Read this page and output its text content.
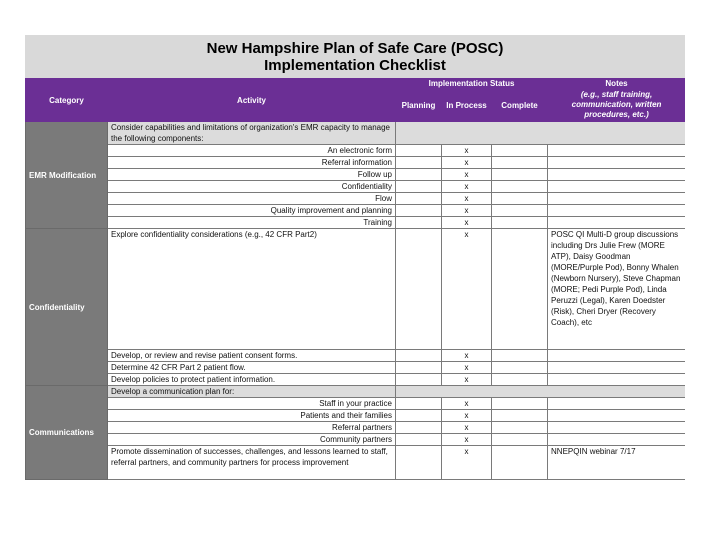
New Hampshire Plan of Safe Care (POSC)
Implementation Checklist
Category	Activity	Implementation Status			Notes
		Planning	In Process	Complete	(e.g., staff training, communication, written procedures, etc.)
EMR Modification	Consider capabilities and limitations of organization's EMR capacity to manage the following components:				
	An electronic form		x		
	Referral information		x		
	Follow up		x		
	Confidentiality		x		
	Flow		x		
	Quality improvement and planning		x		
	Training		x		
Confidentiality	Explore confidentiality considerations (e.g., 42 CFR Part2)		x		POSC QI Multi-D group discussions including Drs Julie Frew (MORE ATP), Daisy Goodman (MORE/Purple Pod), Bonny Whalen (Newborn Nursery), Steve Chapman (MORE; Pedi Purple Pod), Linda Peruzzi (Legal), Karen Doedster (Risk), Cheri Dryer (Recovery Coach), etc
	Develop, or review and revise patient consent forms.		x		
	Determine 42 CFR Part 2 patient flow.		x		
	Develop policies to protect patient information.		x		
Communications	Develop a communication plan for:				
	Staff in your practice		x		
	Patients and their families		x		
	Referral partners		x		
	Community partners		x		
	Promote dissemination of successes, challenges, and lessons learned to staff, referral partners, and community partners for process improvement		x		NNEPQIN webinar 7/17
